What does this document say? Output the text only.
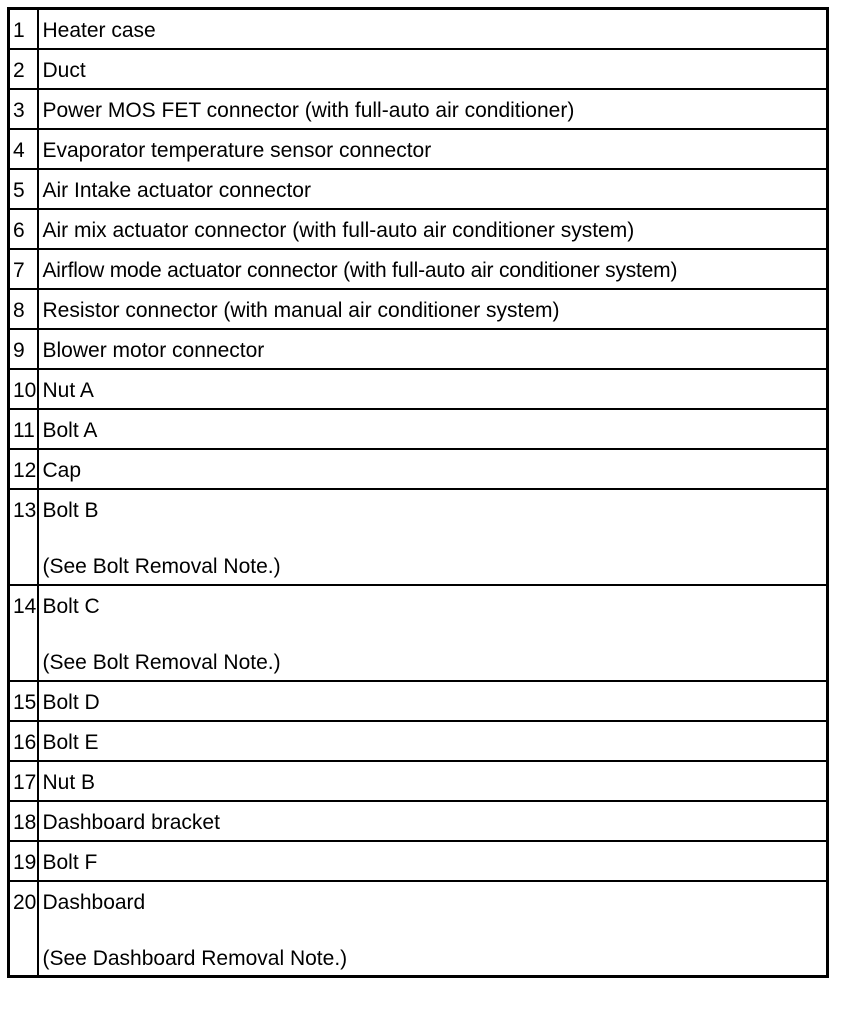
1	Heater case
2	Duct
3	Power MOS FET connector (with full-auto air conditioner)
4	Evaporator temperature sensor connector
5	Air Intake actuator connector
6	Air mix actuator connector (with full-auto air conditioner system)
7	Airflow mode actuator connector (with full-auto air conditioner system)
8	Resistor connector (with manual air conditioner system)
9	Blower motor connector
10	Nut A
11	Bolt A
12	Cap
13	Bolt B
(See Bolt Removal Note.)

14	Bolt C
(See Bolt Removal Note.)

15	Bolt D
16	Bolt E
17	Nut B
18	Dashboard bracket
19	Bolt F
20	Dashboard
(See Dashboard Removal Note.)
